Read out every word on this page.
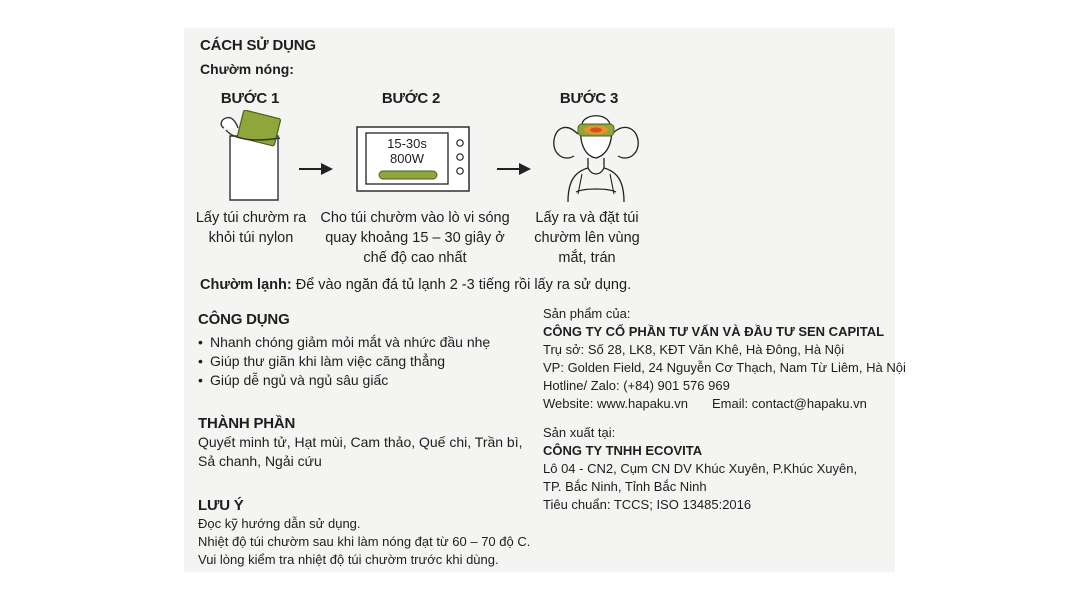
CÁCH SỬ DỤNG
Chườm nóng:
BƯỚC 1	BƯỚC 2	BƯỚC 3
15-30s
800W
Lấy túi chườm ra khỏi túi nylon
Cho túi chườm vào lò vi sóng quay khoảng 15 – 30 giây ở chế độ cao nhất
Lấy ra và đặt túi chườm lên vùng mắt, trán
Chườm lạnh: Để vào ngăn đá tủ lạnh 2 -3 tiếng rồi lấy ra sử dụng.
CÔNG DỤNG
• Nhanh chóng giảm mỏi mắt và nhức đầu nhẹ
• Giúp thư giãn khi làm việc căng thẳng
• Giúp dễ ngủ và ngủ sâu giấc
THÀNH PHẦN
Quyết minh tử, Hạt mùi, Cam thảo, Quế chi, Trần bì,
Sả chanh, Ngải cứu
LƯU Ý
Đọc kỹ hướng dẫn sử dụng.
Nhiệt độ túi chườm sau khi làm nóng đạt từ 60 – 70 độ C.
Vui lòng kiểm tra nhiệt độ túi chườm trước khi dùng.
Sản phẩm của:
CÔNG TY CỔ PHẦN TƯ VẤN VÀ ĐẦU TƯ SEN CAPITAL
Trụ sở: Số 28, LK8, KĐT Văn Khê, Hà Đông, Hà Nội
VP: Golden Field, 24 Nguyễn Cơ Thạch, Nam Từ Liêm, Hà Nội
Hotline/ Zalo: (+84) 901 576 969
Website: www.hapaku.vn Email: contact@hapaku.vn
Sản xuất tại:
CÔNG TY TNHH ECOVITA
Lô 04 - CN2, Cụm CN DV Khúc Xuyên, P.Khúc Xuyên,
TP. Bắc Ninh, Tỉnh Bắc Ninh
Tiêu chuẩn: TCCS; ISO 13485:2016
